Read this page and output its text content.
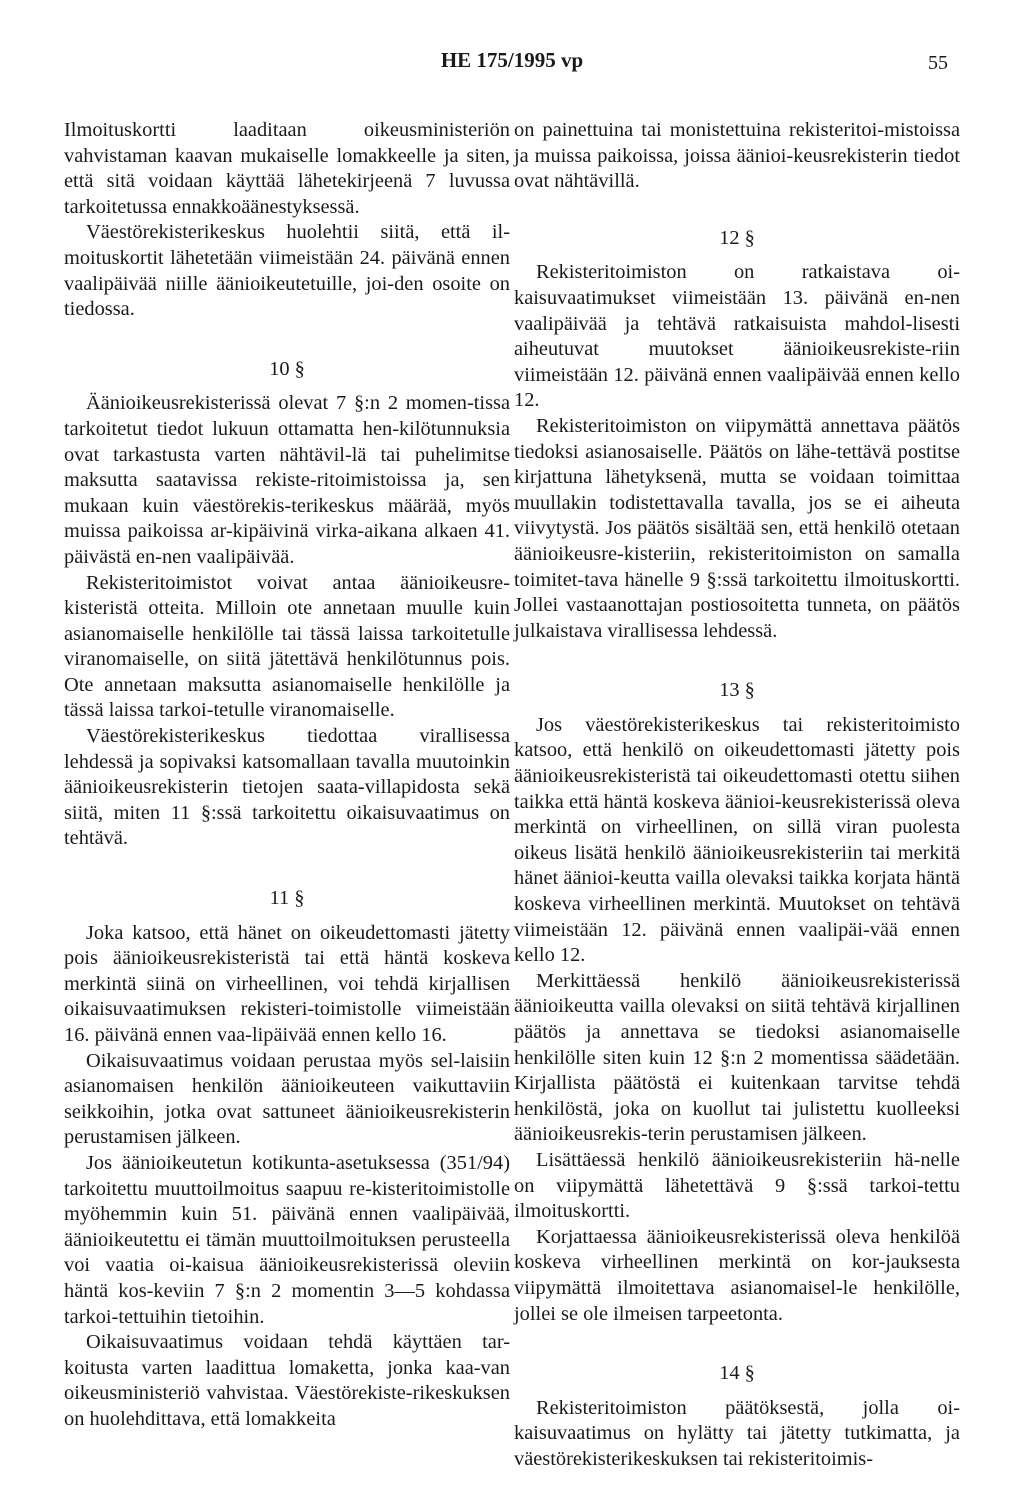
HE 175/1995 vp	55

Ilmoituskortti laaditaan oikeusministeriön vahvistaman kaavan mukaiselle lomakkeelle ja siten, että sitä voidaan käyttää lähetekirjeenä 7 luvussa tarkoitetussa ennakkoäänestyksessä.

Väestörekisterikeskus huolehtii siitä, että il-moituskortit lähetetään viimeistään 24. päivänä ennen vaalipäivää niille äänioikeutetuille, joi-den osoite on tiedossa.

10 §

Äänioikeusrekisterissä olevat 7 §:n 2 momen-tissa tarkoitetut tiedot lukuun ottamatta hen-kilötunnuksia ovat tarkastusta varten nähtävil-lä tai puhelimitse maksutta saatavissa rekiste-ritoimistoissa ja, sen mukaan kuin väestörekis-terikeskus määrää, myös muissa paikoissa ar-kipäivinä virka-aikana alkaen 41. päivästä en-nen vaalipäivää.

Rekisteritoimistot voivat antaa äänioikeusre-kisteristä otteita. Milloin ote annetaan muulle kuin asianomaiselle henkilölle tai tässä laissa tarkoitetulle viranomaiselle, on siitä jätettävä henkilötunnus pois. Ote annetaan maksutta asianomaiselle henkilölle ja tässä laissa tarkoi-tetulle viranomaiselle.

Väestörekisterikeskus tiedottaa virallisessa lehdessä ja sopivaksi katsomallaan tavalla muutoinkin äänioikeusrekisterin tietojen saata-villapidosta sekä siitä, miten 11 §:ssä tarkoitettu oikaisuvaatimus on tehtävä.

11 §

Joka katsoo, että hänet on oikeudettomasti jätetty pois äänioikeusrekisteristä tai että häntä koskeva merkintä siinä on virheellinen, voi tehdä kirjallisen oikaisuvaatimuksen rekisteri-toimistolle viimeistään 16. päivänä ennen vaa-lipäivää ennen kello 16.

Oikaisuvaatimus voidaan perustaa myös sel-laisiin asianomaisen henkilön äänioikeuteen vaikuttaviin seikkoihin, jotka ovat sattuneet äänioikeusrekisterin perustamisen jälkeen.

Jos äänioikeutetun kotikunta-asetuksessa (351/94) tarkoitettu muuttoilmoitus saapuu re-kisteritoimistolle myöhemmin kuin 51. päivänä ennen vaalipäivää, äänioikeutettu ei tämän muuttoilmoituksen perusteella voi vaatia oi-kaisua äänioikeusrekisterissä oleviin häntä kos-keviin 7 §:n 2 momentin 3—5 kohdassa tarkoi-tettuihin tietoihin.

Oikaisuvaatimus voidaan tehdä käyttäen tar-koitusta varten laadittua lomaketta, jonka kaa-van oikeusministeriö vahvistaa. Väestörekiste-rikeskuksen on huolehdittava, että lomakkeita

on painettuina tai monistettuina rekisteritoi-mistoissa ja muissa paikoissa, joissa äänioi-keusrekisterin tiedot ovat nähtävillä.

12 §

Rekisteritoimiston on ratkaistava oi-kaisuvaatimukset viimeistään 13. päivänä en-nen vaalipäivää ja tehtävä ratkaisuista mahdol-lisesti aiheutuvat muutokset äänioikeusrekiste-riin viimeistään 12. päivänä ennen vaalipäivää ennen kello 12.

Rekisteritoimiston on viipymättä annettava päätös tiedoksi asianosaiselle. Päätös on lähe-tettävä postitse kirjattuna lähetyksenä, mutta se voidaan toimittaa muullakin todistettavalla tavalla, jos se ei aiheuta viivytystä. Jos päätös sisältää sen, että henkilö otetaan äänioikeusre-kisteriin, rekisteritoimiston on samalla toimitet-tava hänelle 9 §:ssä tarkoitettu ilmoituskortti. Jollei vastaanottajan postiosoitetta tunneta, on päätös julkaistava virallisessa lehdessä.

13 §

Jos väestörekisterikeskus tai rekisteritoimisto katsoo, että henkilö on oikeudettomasti jätetty pois äänioikeusrekisteristä tai oikeudettomasti otettu siihen taikka että häntä koskeva äänioi-keusrekisterissä oleva merkintä on virheellinen, on sillä viran puolesta oikeus lisätä henkilö äänioikeusrekisteriin tai merkitä hänet äänioi-keutta vailla olevaksi taikka korjata häntä koskeva virheellinen merkintä. Muutokset on tehtävä viimeistään 12. päivänä ennen vaalipäi-vää ennen kello 12.

Merkittäessä henkilö äänioikeusrekisterissä äänioikeutta vailla olevaksi on siitä tehtävä kirjallinen päätös ja annettava se tiedoksi asianomaiselle henkilölle siten kuin 12 §:n 2 momentissa säädetään. Kirjallista päätöstä ei kuitenkaan tarvitse tehdä henkilöstä, joka on kuollut tai julistettu kuolleeksi äänioikeusrekis-terin perustamisen jälkeen.

Lisättäessä henkilö äänioikeusrekisteriin hä-nelle on viipymättä lähetettävä 9 §:ssä tarkoi-tettu ilmoituskortti.

Korjattaessa äänioikeusrekisterissä oleva henkilöä koskeva virheellinen merkintä on kor-jauksesta viipymättä ilmoitettava asianomaisel-le henkilölle, jollei se ole ilmeisen tarpeetonta.

14 §

Rekisteritoimiston päätöksestä, jolla oi-kaisuvaatimus on hylätty tai jätetty tutkimatta, ja väestörekisterikeskuksen tai rekisteritoimis-
